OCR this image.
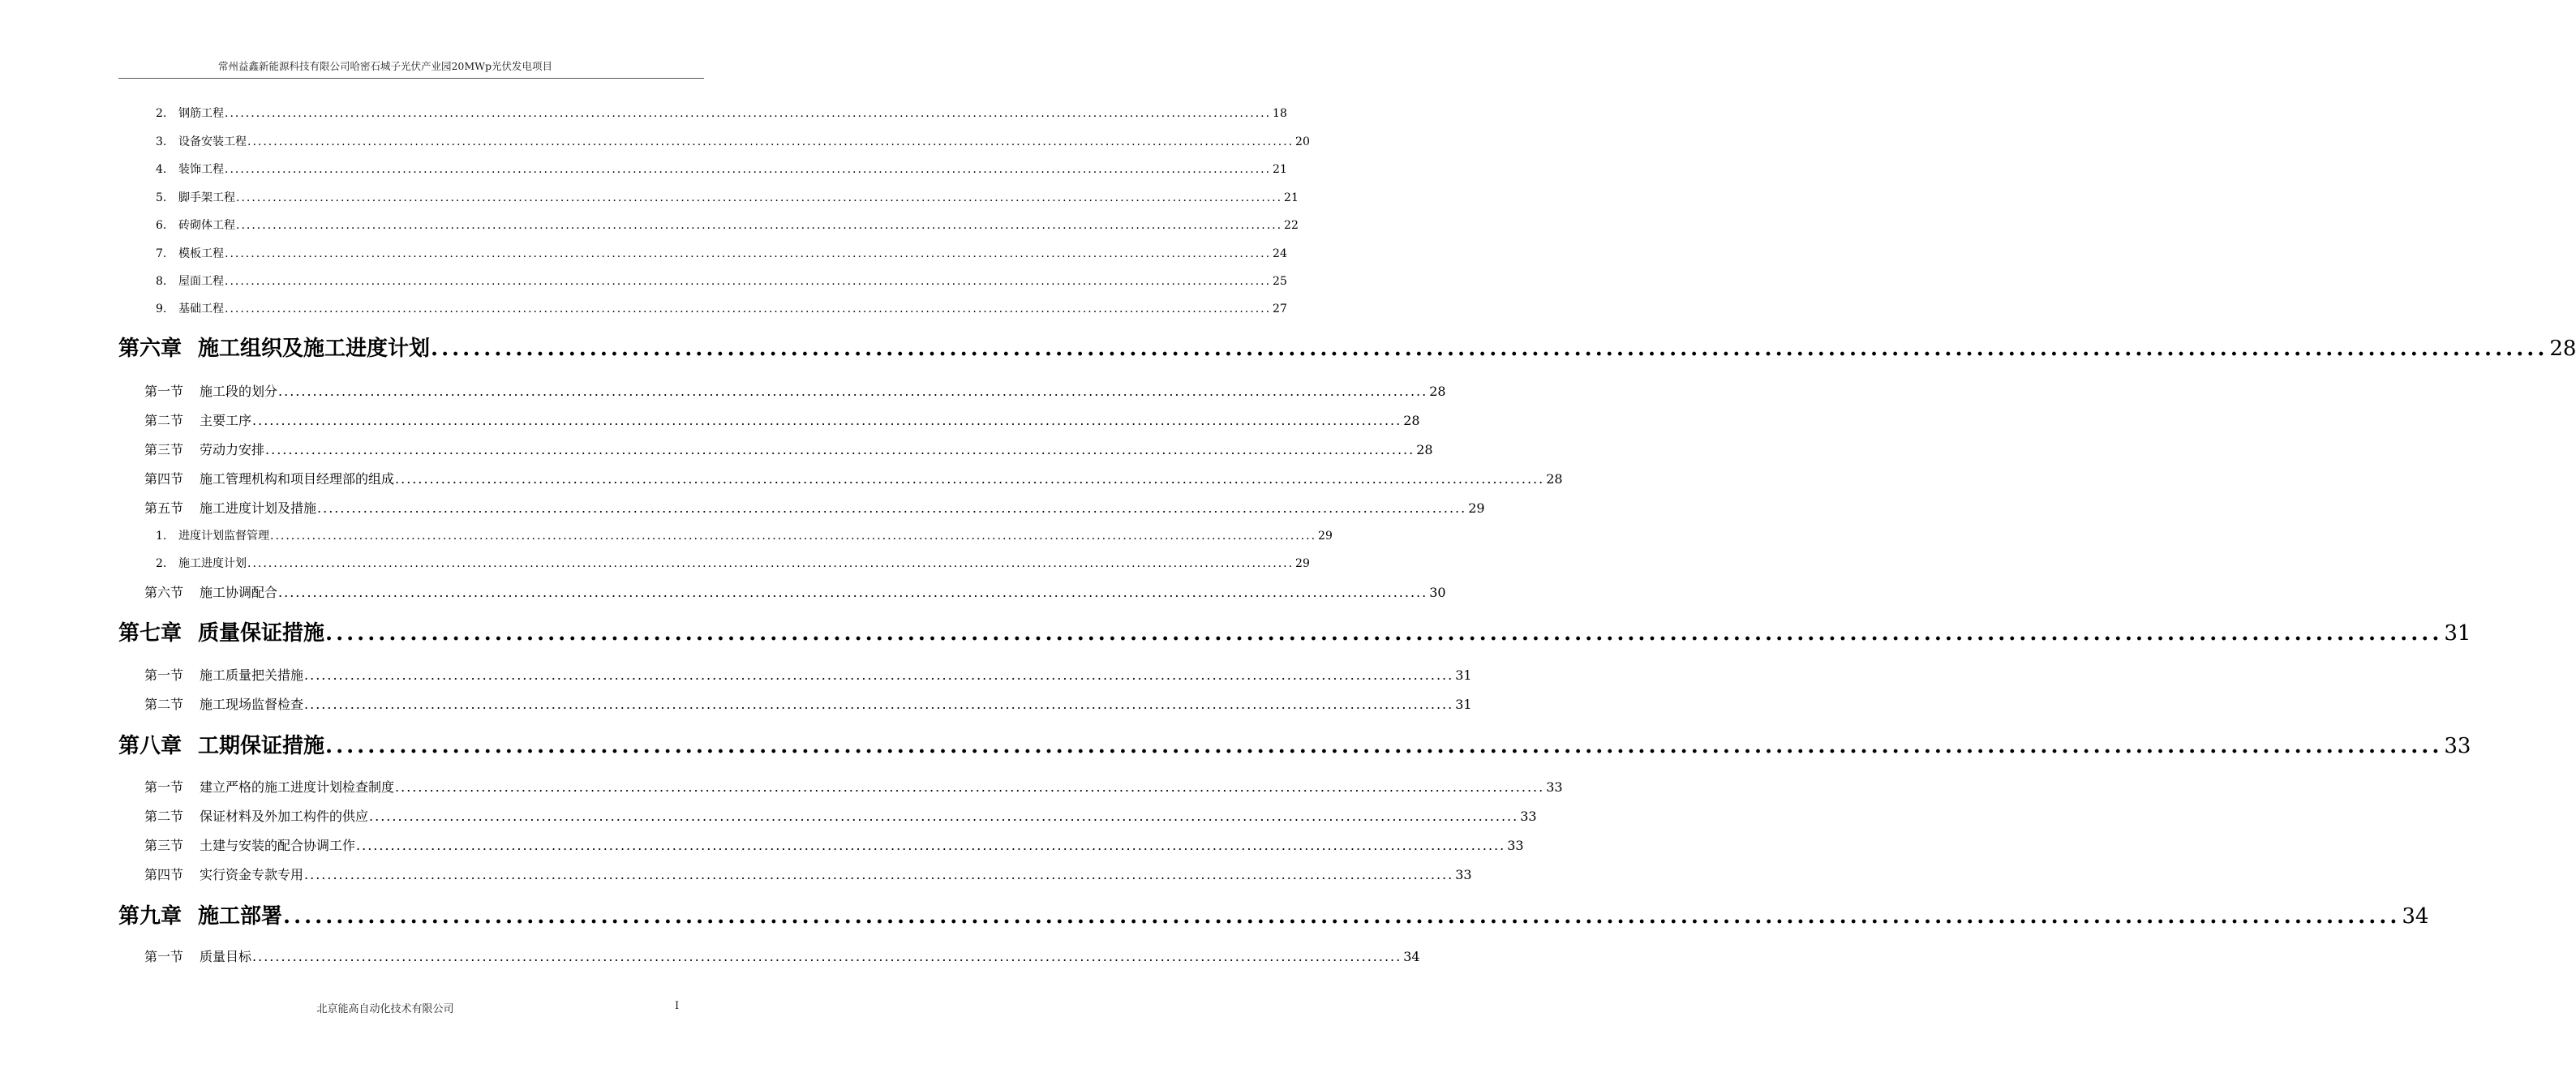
常州益鑫新能源科技有限公司哈密石城子光伏产业园20MWp光伏发电项目
2. 钢筋工程 ........................................................................................................................................................................................................ 18
3. 设备安装工程 ........................................................................................................................................................................................................ 20
4. 装饰工程 ........................................................................................................................................................................................................ 21
5. 脚手架工程 ........................................................................................................................................................................................................ 21
6. 砖砌体工程 ........................................................................................................................................................................................................ 22
7. 模板工程 ........................................................................................................................................................................................................ 24
8. 屋面工程 ........................................................................................................................................................................................................ 25
9. 基础工程 ........................................................................................................................................................................................................ 27
第六章 施工组织及施工进度计划 ........................................................................................................................................................................................................ 28
第一节 施工段的划分 ........................................................................................................................................................................................................ 28
第二节 主要工序 ........................................................................................................................................................................................................ 28
第三节 劳动力安排 ........................................................................................................................................................................................................ 28
第四节 施工管理机构和项目经理部的组成 ........................................................................................................................................................................................................ 28
第五节 施工进度计划及措施 ........................................................................................................................................................................................................ 29
1. 进度计划监督管理 ........................................................................................................................................................................................................ 29
2. 施工进度计划 ........................................................................................................................................................................................................ 29
第六节 施工协调配合 ........................................................................................................................................................................................................ 30
第七章 质量保证措施 ........................................................................................................................................................................................................ 31
第一节 施工质量把关措施 ........................................................................................................................................................................................................ 31
第二节 施工现场监督检查 ........................................................................................................................................................................................................ 31
第八章 工期保证措施 ........................................................................................................................................................................................................ 33
第一节 建立严格的施工进度计划检查制度 ........................................................................................................................................................................................................ 33
第二节 保证材料及外加工构件的供应 ........................................................................................................................................................................................................ 33
第三节 土建与安装的配合协调工作 ........................................................................................................................................................................................................ 33
第四节 实行资金专款专用 ........................................................................................................................................................................................................ 33
第九章 施工部署 ........................................................................................................................................................................................................ 34
第一节 质量目标 ........................................................................................................................................................................................................ 34
北京能高自动化技术有限公司	I
